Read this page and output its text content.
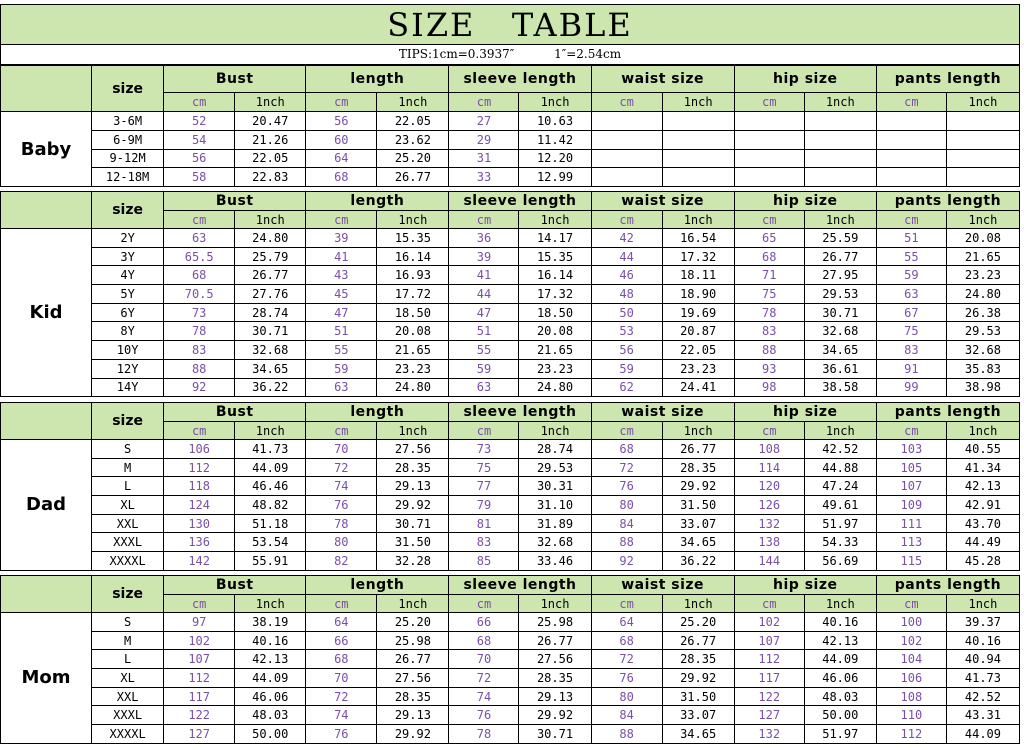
SIZE   TABLE
TIPS:1cm=0.3937″	1″=2.54cm
	size	Bust		length		sleeve length		waist size		hip size		pants length	
		cm	1nch	cm	1nch	cm	1nch	cm	1nch	cm	1nch	cm	1nch
Baby	3-6M	52	20.47	56	22.05	27	10.63						
	6-9M	54	21.26	60	23.62	29	11.42						
	9-12M	56	22.05	64	25.20	31	12.20						
	12-18M	58	22.83	68	26.77	33	12.99						
	size	Bust		length		sleeve length		waist size		hip size		pants length	
		cm	1nch	cm	1nch	cm	1nch	cm	1nch	cm	1nch	cm	1nch
Kid	2Y	63	24.80	39	15.35	36	14.17	42	16.54	65	25.59	51	20.08
	3Y	65.5	25.79	41	16.14	39	15.35	44	17.32	68	26.77	55	21.65
	4Y	68	26.77	43	16.93	41	16.14	46	18.11	71	27.95	59	23.23
	5Y	70.5	27.76	45	17.72	44	17.32	48	18.90	75	29.53	63	24.80
	6Y	73	28.74	47	18.50	47	18.50	50	19.69	78	30.71	67	26.38
	8Y	78	30.71	51	20.08	51	20.08	53	20.87	83	32.68	75	29.53
	10Y	83	32.68	55	21.65	55	21.65	56	22.05	88	34.65	83	32.68
	12Y	88	34.65	59	23.23	59	23.23	59	23.23	93	36.61	91	35.83
	14Y	92	36.22	63	24.80	63	24.80	62	24.41	98	38.58	99	38.98
	size	Bust		length		sleeve length		waist size		hip size		pants length	
		cm	1nch	cm	1nch	cm	1nch	cm	1nch	cm	1nch	cm	1nch
Dad	S	106	41.73	70	27.56	73	28.74	68	26.77	108	42.52	103	40.55
	M	112	44.09	72	28.35	75	29.53	72	28.35	114	44.88	105	41.34
	L	118	46.46	74	29.13	77	30.31	76	29.92	120	47.24	107	42.13
	XL	124	48.82	76	29.92	79	31.10	80	31.50	126	49.61	109	42.91
	XXL	130	51.18	78	30.71	81	31.89	84	33.07	132	51.97	111	43.70
	XXXL	136	53.54	80	31.50	83	32.68	88	34.65	138	54.33	113	44.49
	XXXXL	142	55.91	82	32.28	85	33.46	92	36.22	144	56.69	115	45.28
	size	Bust		length		sleeve length		waist size		hip size		pants length	
		cm	1nch	cm	1nch	cm	1nch	cm	1nch	cm	1nch	cm	1nch
Mom	S	97	38.19	64	25.20	66	25.98	64	25.20	102	40.16	100	39.37
	M	102	40.16	66	25.98	68	26.77	68	26.77	107	42.13	102	40.16
	L	107	42.13	68	26.77	70	27.56	72	28.35	112	44.09	104	40.94
	XL	112	44.09	70	27.56	72	28.35	76	29.92	117	46.06	106	41.73
	XXL	117	46.06	72	28.35	74	29.13	80	31.50	122	48.03	108	42.52
	XXXL	122	48.03	74	29.13	76	29.92	84	33.07	127	50.00	110	43.31
	XXXXL	127	50.00	76	29.92	78	30.71	88	34.65	132	51.97	112	44.09
